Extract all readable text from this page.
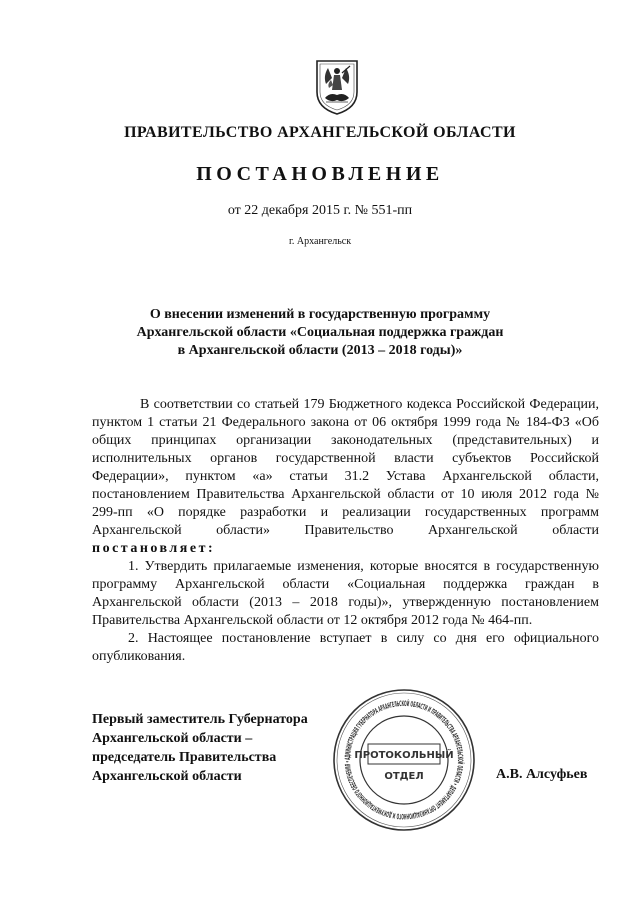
ПРАВИТЕЛЬСТВО АРХАНГЕЛЬСКОЙ ОБЛАСТИ
ПОСТАНОВЛЕНИЕ
от 22 декабря 2015 г. № 551-пп
г. Архангельск
О внесении изменений в государственную программу
Архангельской области «Социальная поддержка граждан
в Архангельской области (2013 – 2018 годы)»

В соответствии со статьей 179 Бюджетного кодекса Российской Федерации, пунктом 1 статьи 21 Федерального закона от 06 октября 1999 года № 184-ФЗ «Об общих принципах организации законодательных (представительных) и исполнительных органов государственной власти субъектов Российской Федерации», пунктом «а» статьи 31.2 Устава Архангельской области, постановлением Правительства Архангельской области от 10 июля 2012 года № 299-пп «О порядке разработки и реализации государственных программ Архангельской области» Правительство Архангельской области постановляет:

1. Утвердить прилагаемые изменения, которые вносятся в государственную программу Архангельской области «Социальная поддержка граждан в Архангельской области (2013 – 2018 годы)», утвержденную постановлением Правительства Архангельской области от 12 октября 2012 года № 464-пп.

2. Настоящее постановление вступает в силу со дня его официального опубликования.

Первый заместитель Губернатора
Архангельской области –
председатель Правительства
Архангельской области
АДМИНИСТРАЦИЯ ГУБЕРНАТОРА АРХАНГЕЛЬСКОЙ ОБЛАСТИ И ПРАВИТЕЛЬСТВА АРХАНГЕЛЬСКОЙ ОБЛАСТИ • ДЕПАРТАМЕНТ ОРГАНИЗАЦИОННОГО И ДОКУМЕНТАЦИОННОГО ОБЕСПЕЧЕНИЯ • ПРОТОКОЛЬНЫЙ
ОТДЕЛ	А.В. Алсуфьев
